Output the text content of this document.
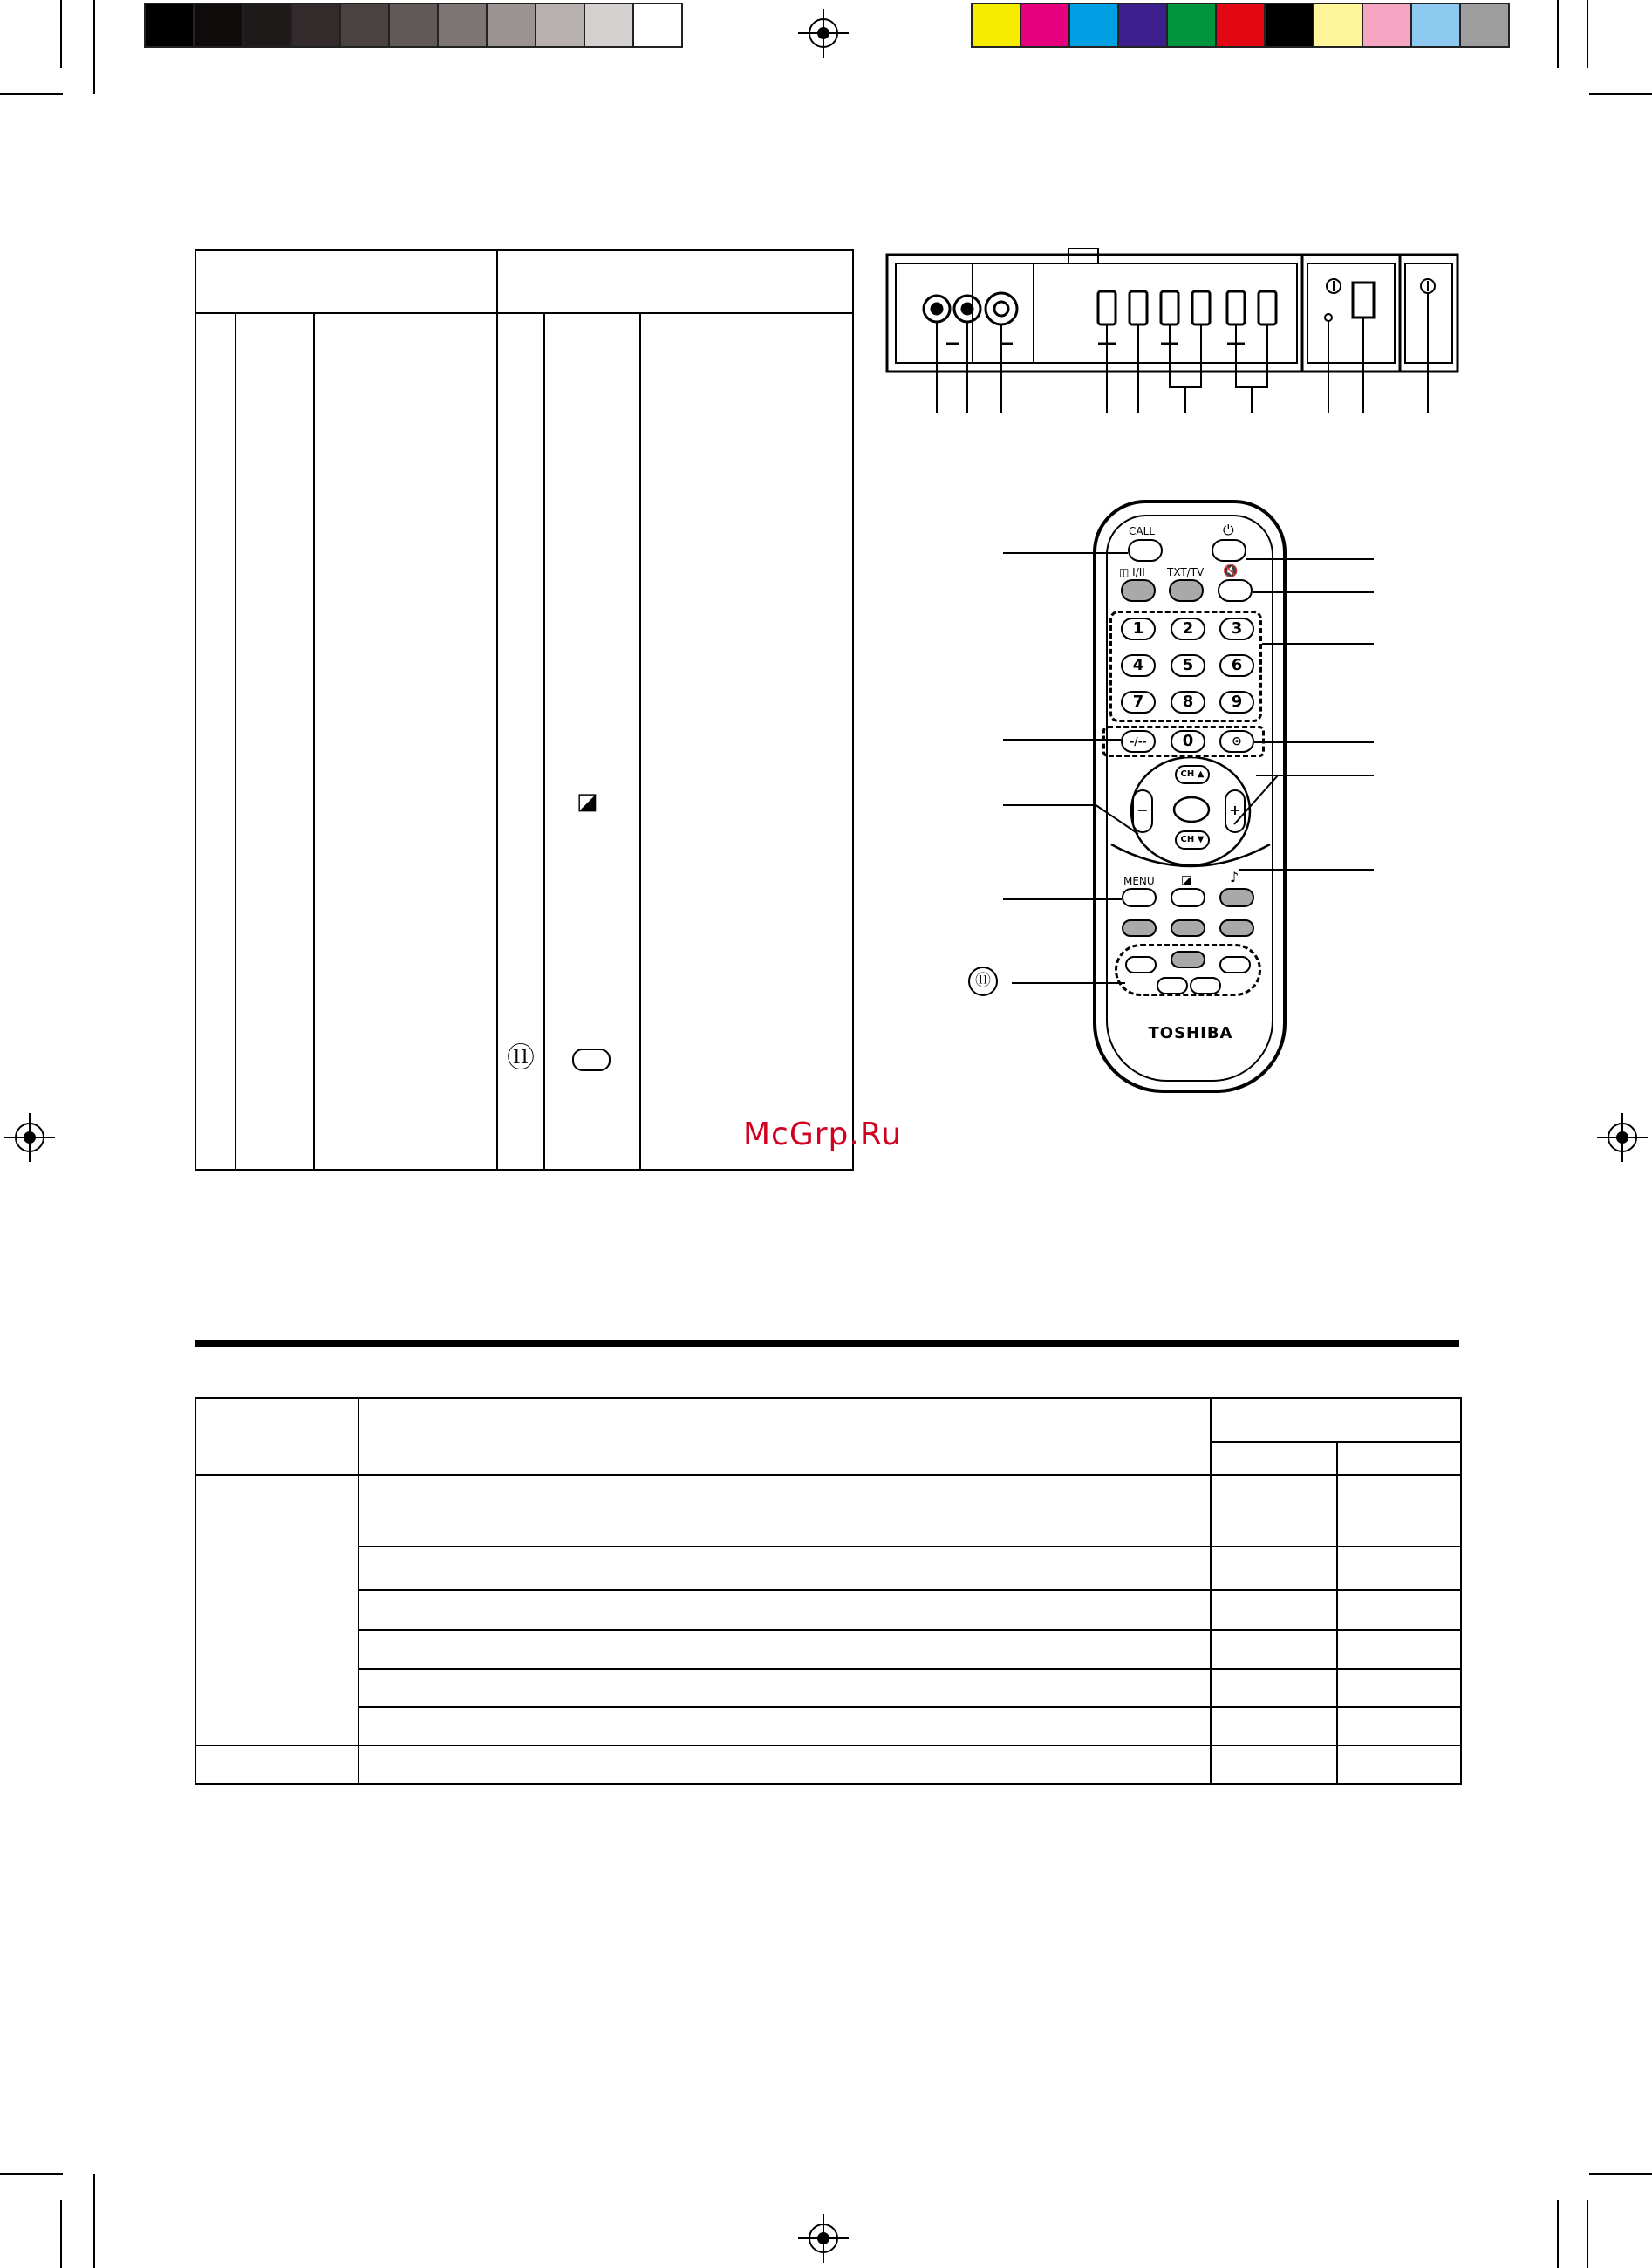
◪
⑪
CALL	⏻
◫ I/II TXT/TV 🔇
1	2	3
4	5	6
7	8	9
-/--	0	⊙
CH ▲
CH ▼
−	+
MENU ◪	♪
TOSHIBA
⑪
McGrp.Ru
